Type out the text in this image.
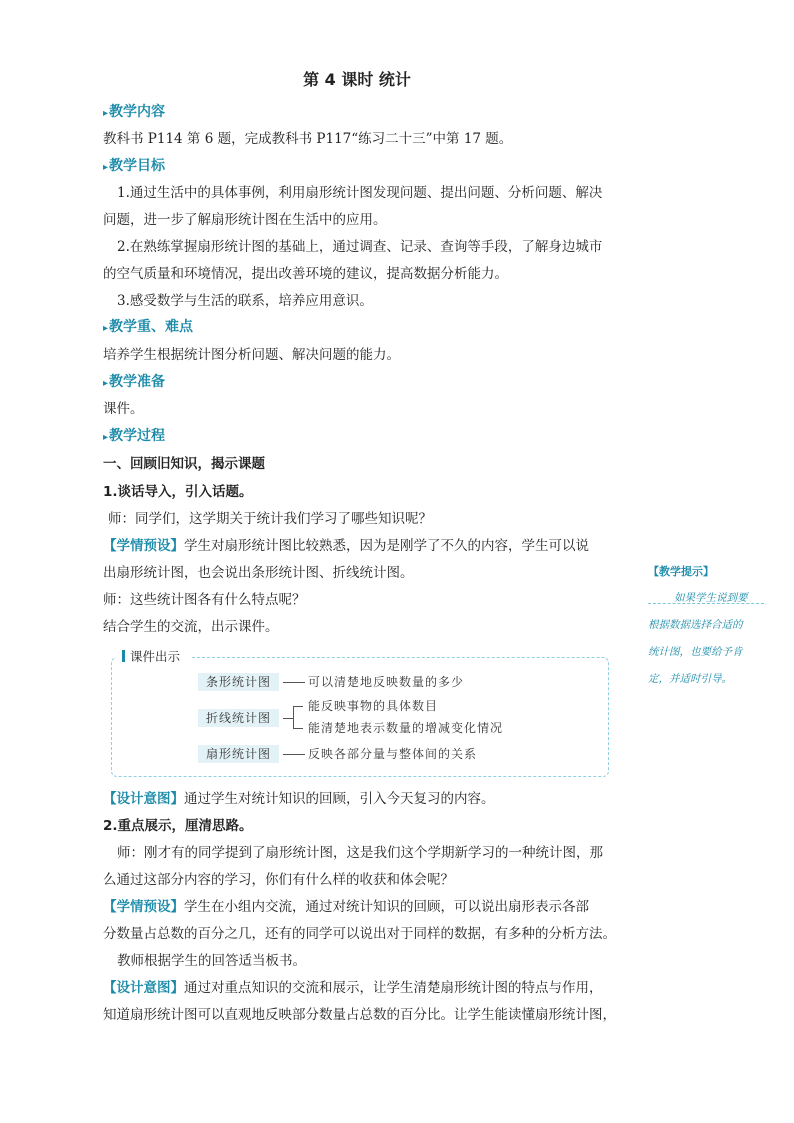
第 4 课时 统计
▸教学内容
教科书 P114 第 6 题，完成教科书 P117“练习二十三”中第 17 题。
▸教学目标
1.通过生活中的具体事例，利用扇形统计图发现问题、提出问题、分析问题、解决
问题，进一步了解扇形统计图在生活中的应用。
2.在熟练掌握扇形统计图的基础上，通过调查、记录、查询等手段，了解身边城市
的空气质量和环境情况，提出改善环境的建议，提高数据分析能力。
3.感受数学与生活的联系，培养应用意识。
▸教学重、难点
培养学生根据统计图分析问题、解决问题的能力。
▸教学准备
课件。
▸教学过程
一、回顾旧知识，揭示课题
1.谈话导入，引入话题。
师：同学们，这学期关于统计我们学习了哪些知识呢？
【学情预设】学生对扇形统计图比较熟悉，因为是刚学了不久的内容，学生可以说
出扇形统计图，也会说出条形统计图、折线统计图。
师：这些统计图各有什么特点呢？
结合学生的交流，出示课件。
课件出示
条形统计图	可以清楚地反映数量的多少
折线统计图
能反映事物的具体数目
能清楚地表示数量的增减变化情况
扇形统计图	反映各部分量与整体间的关系
【设计意图】通过学生对统计知识的回顾，引入今天复习的内容。
2.重点展示，厘清思路。
师：刚才有的同学提到了扇形统计图，这是我们这个学期新学习的一种统计图，那
么通过这部分内容的学习，你们有什么样的收获和体会呢？
【学情预设】学生在小组内交流，通过对统计知识的回顾，可以说出扇形表示各部
分数量占总数的百分之几，还有的同学可以说出对于同样的数据，有多种的分析方法。
教师根据学生的回答适当板书。
【设计意图】通过对重点知识的交流和展示，让学生清楚扇形统计图的特点与作用，
知道扇形统计图可以直观地反映部分数量占总数的百分比。让学生能读懂扇形统计图，
【教学提示】
如果学生说到要
根据数据选择合适的
统计图，也要给予肯
定，并适时引导。
